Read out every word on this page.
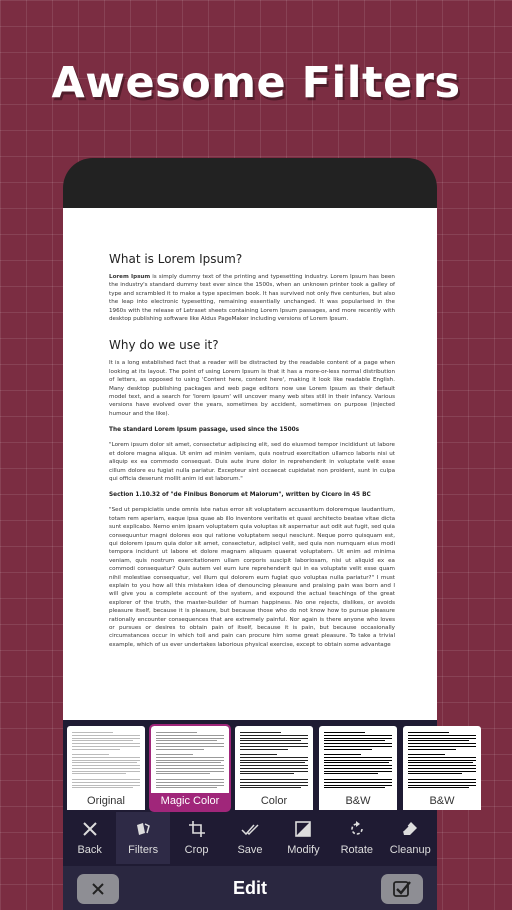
Awesome Filters
What is Lorem Ipsum?
Lorem Ipsum is simply dummy text of the printing and typesetting industry. Lorem Ipsum has been the industry's standard dummy text ever since the 1500s, when an unknown printer took a galley of type and scrambled it to make a type specimen book. It has survived not only five centuries, but also the leap into electronic typesetting, remaining essentially unchanged. It was popularised in the 1960s with the release of Letraset sheets containing Lorem Ipsum passages, and more recently with desktop publishing software like Aldus PageMaker including versions of Lorem Ipsum.
Why do we use it?
It is a long established fact that a reader will be distracted by the readable content of a page when looking at its layout. The point of using Lorem Ipsum is that it has a more-or-less normal distribution of letters, as opposed to using 'Content here, content here', making it look like readable English. Many desktop publishing packages and web page editors now use Lorem Ipsum as their default model text, and a search for 'lorem ipsum' will uncover many web sites still in their infancy. Various versions have evolved over the years, sometimes by accident, sometimes on purpose (injected humour and the like).
The standard Lorem Ipsum passage, used since the 1500s
"Lorem ipsum dolor sit amet, consectetur adipiscing elit, sed do eiusmod tempor incididunt ut labore et dolore magna aliqua. Ut enim ad minim veniam, quis nostrud exercitation ullamco laboris nisi ut aliquip ex ea commodo consequat. Duis aute irure dolor in reprehenderit in voluptate velit esse cillum dolore eu fugiat nulla pariatur. Excepteur sint occaecat cupidatat non proident, sunt in culpa qui officia deserunt mollit anim id est laborum."
Section 1.10.32 of "de Finibus Bonorum et Malorum", written by Cicero in 45 BC
"Sed ut perspiciatis unde omnis iste natus error sit voluptatem accusantium doloremque laudantium, totam rem aperiam, eaque ipsa quae ab illo inventore veritatis et quasi architecto beatae vitae dicta sunt explicabo. Nemo enim ipsam voluptatem quia voluptas sit aspernatur aut odit aut fugit, sed quia consequuntur magni dolores eos qui ratione voluptatem sequi nesciunt. Neque porro quisquam est, qui dolorem ipsum quia dolor sit amet, consectetur, adipisci velit, sed quia non numquam eius modi tempora incidunt ut labore et dolore magnam aliquam quaerat voluptatem. Ut enim ad minima veniam, quis nostrum exercitationem ullam corporis suscipit laboriosam, nisi ut aliquid ex ea commodi consequatur? Quis autem vel eum iure reprehenderit qui in ea voluptate velit esse quam nihil molestiae consequatur, vel illum qui dolorem eum fugiat quo voluptas nulla pariatur?" I must explain to you how all this mistaken idea of denouncing pleasure and praising pain was born and I will give you a complete account of the system, and expound the actual teachings of the great explorer of the truth, the master-builder of human happiness. No one rejects, dislikes, or avoids pleasure itself, because it is pleasure, but because those who do not know how to pursue pleasure rationally encounter consequences that are extremely painful. Nor again is there anyone who loves or pursues or desires to obtain pain of itself, because it is pain, but because occasionally circumstances occur in which toil and pain can procure him some great pleasure. To take a trivial example, which of us ever undertakes laborious physical exercise, except to obtain some advantage
Original	Magic Color	Color	B&W	B&W
Back Filters Crop	Save Modify Rotate Cleanup
Edit
